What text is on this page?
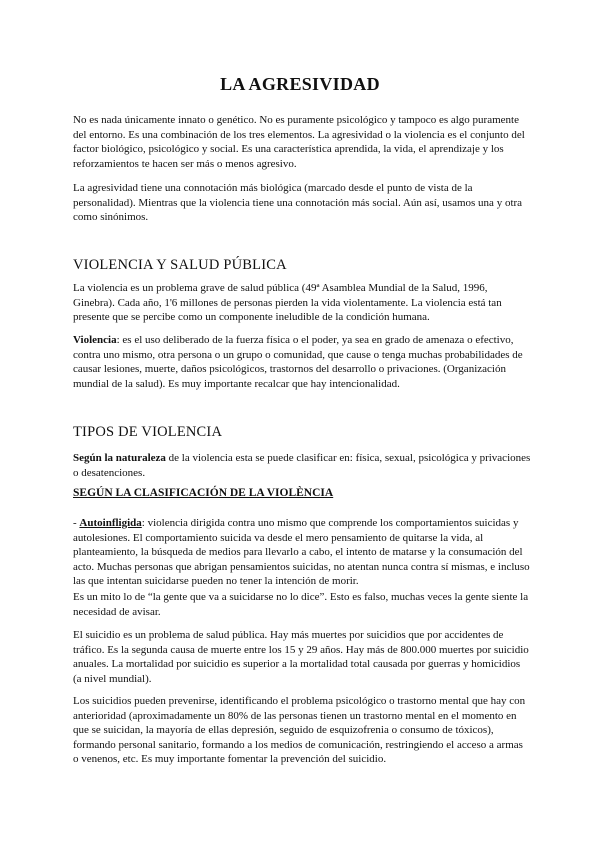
LA AGRESIVIDAD

No es nada únicamente innato o genético. No es puramente psicológico y tampoco es algo puramente del entorno. Es una combinación de los tres elementos. La agresividad o la violencia es el conjunto del factor biológico, psicológico y social. Es una característica aprendida, la vida, el aprendizaje y los reforzamientos te hacen ser más o menos agresivo.

La agresividad tiene una connotación más biológica (marcado desde el punto de vista de la personalidad). Mientras que la violencia tiene una connotación más social. Aún así, usamos una y otra como sinónimos.

VIOLENCIA Y SALUD PÚBLICA

La violencia es un problema grave de salud pública (49ª Asamblea Mundial de la Salud, 1996, Ginebra). Cada año, 1'6 millones de personas pierden la vida violentamente. La violencia está tan presente que se percibe como un componente ineludible de la condición humana.

Violencia: es el uso deliberado de la fuerza física o el poder, ya sea en grado de amenaza o efectivo, contra uno mismo, otra persona o un grupo o comunidad, que cause o tenga muchas probabilidades de causar lesiones, muerte, daños psicológicos, trastornos del desarrollo o privaciones. (Organización mundial de la salud). Es muy importante recalcar que hay intencionalidad.

TIPOS DE VIOLENCIA

Según la naturaleza de la violencia esta se puede clasificar en: física, sexual, psicológica y privaciones o desatenciones.

SEGÚN LA CLASIFICACIÓN DE LA VIOLÈNCIA

- Autoinfligida: violencia dirigida contra uno mismo que comprende los comportamientos suicidas y autolesiones. El comportamiento suicida va desde el mero pensamiento de quitarse la vida, al planteamiento, la búsqueda de medios para llevarlo a cabo, el intento de matarse y la consumación del acto. Muchas personas que abrigan pensamientos suicidas, no atentan nunca contra sí mismas, e incluso las que intentan suicidarse pueden no tener la intención de morir.

Es un mito lo de “la gente que va a suicidarse no lo dice”. Esto es falso, muchas veces la gente siente la necesidad de avisar.

El suicidio es un problema de salud pública. Hay más muertes por suicidios que por accidentes de tráfico. Es la segunda causa de muerte entre los 15 y 29 años. Hay más de 800.000 muertes por suicidio anuales. La mortalidad por suicidio es superior a la mortalidad total causada por guerras y homicidios (a nivel mundial).

Los suicidios pueden prevenirse, identificando el problema psicológico o trastorno mental que hay con anterioridad (aproximadamente un 80% de las personas tienen un trastorno mental en el momento en que se suicidan, la mayoría de ellas depresión, seguido de esquizofrenia o consumo de tóxicos), formando personal sanitario, formando a los medios de comunicación, restringiendo el acceso a armas o venenos, etc. Es muy importante fomentar la prevención del suicidio.
